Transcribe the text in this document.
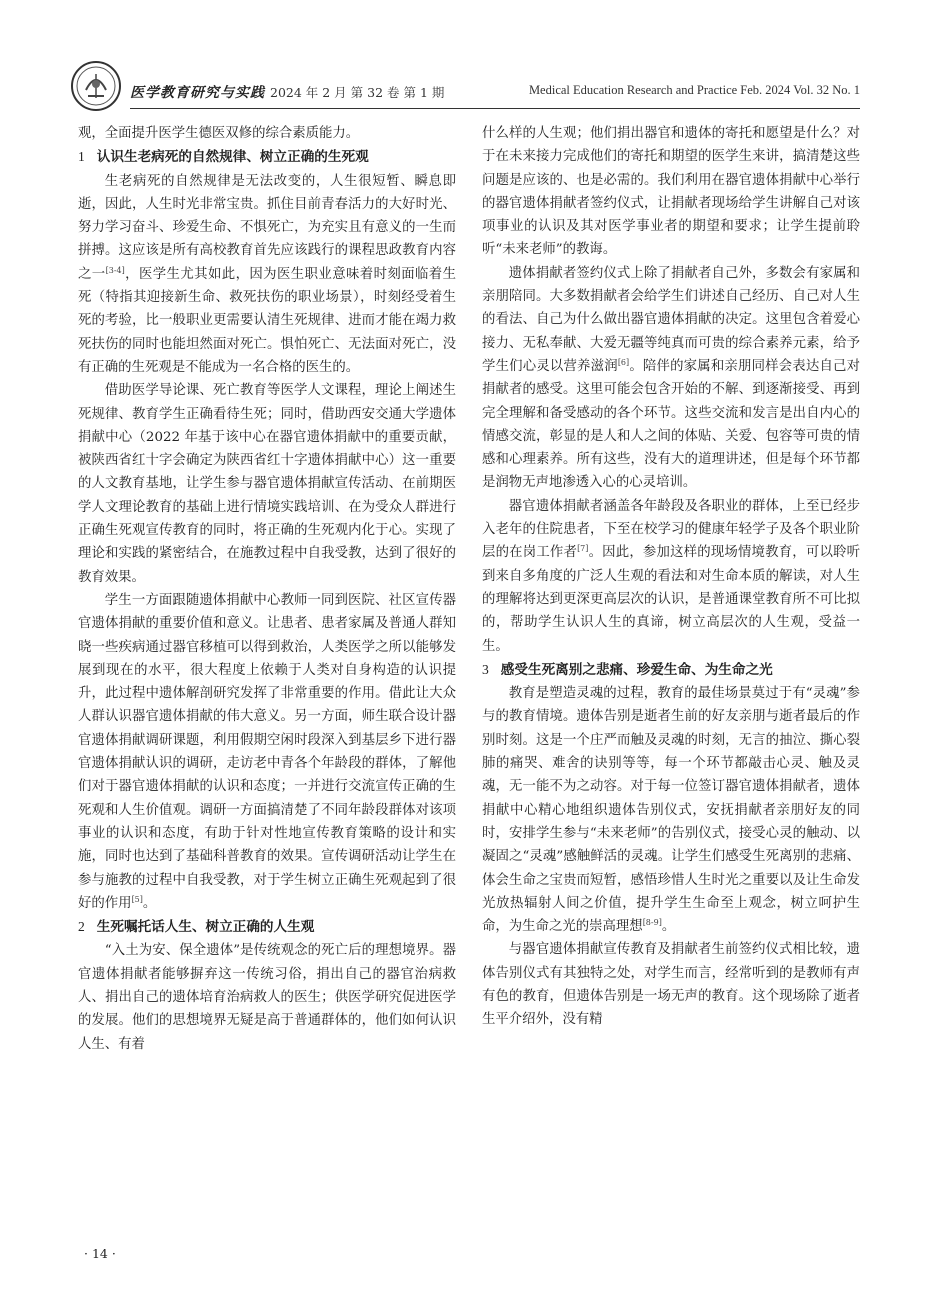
医学教育研究与实践 2024 年 2 月 第 32 卷 第 1 期	Medical Education Research and Practice Feb. 2024 Vol. 32 No. 1

观，全面提升医学生德医双修的综合素质能力。

1 认识生老病死的自然规律、树立正确的生死观

生老病死的自然规律是无法改变的，人生很短暂、瞬息即逝，因此，人生时光非常宝贵。抓住目前青春活力的大好时光、努力学习奋斗、珍爱生命、不惧死亡，为充实且有意义的一生而拼搏。这应该是所有高校教育首先应该践行的课程思政教育内容之一[3-4]，医学生尤其如此，因为医生职业意味着时刻面临着生死（特指其迎接新生命、救死扶伤的职业场景），时刻经受着生死的考验，比一般职业更需要认清生死规律、进而才能在竭力救死扶伤的同时也能坦然面对死亡。惧怕死亡、无法面对死亡，没有正确的生死观是不能成为一名合格的医生的。

借助医学导论课、死亡教育等医学人文课程，理论上阐述生死规律、教育学生正确看待生死；同时，借助西安交通大学遗体捐献中心（2022 年基于该中心在器官遗体捐献中的重要贡献，被陕西省红十字会确定为陕西省红十字遗体捐献中心）这一重要的人文教育基地，让学生参与器官遗体捐献宣传活动、在前期医学人文理论教育的基础上进行情境实践培训、在为受众人群进行正确生死观宣传教育的同时，将正确的生死观内化于心。实现了理论和实践的紧密结合，在施教过程中自我受教，达到了很好的教育效果。

学生一方面跟随遗体捐献中心教师一同到医院、社区宣传器官遗体捐献的重要价值和意义。让患者、患者家属及普通人群知晓一些疾病通过器官移植可以得到救治，人类医学之所以能够发展到现在的水平，很大程度上依赖于人类对自身构造的认识提升，此过程中遗体解剖研究发挥了非常重要的作用。借此让大众人群认识器官遗体捐献的伟大意义。另一方面，师生联合设计器官遗体捐献调研课题，利用假期空闲时段深入到基层乡下进行器官遗体捐献认识的调研，走访老中青各个年龄段的群体，了解他们对于器官遗体捐献的认识和态度；一并进行交流宣传正确的生死观和人生价值观。调研一方面搞清楚了不同年龄段群体对该项事业的认识和态度，有助于针对性地宣传教育策略的设计和实施，同时也达到了基础科普教育的效果。宣传调研活动让学生在参与施教的过程中自我受教，对于学生树立正确生死观起到了很好的作用[5]。

2 生死嘱托话人生、树立正确的人生观

“入土为安、保全遗体”是传统观念的死亡后的理想境界。器官遗体捐献者能够摒弃这一传统习俗，捐出自己的器官治病救人、捐出自己的遗体培育治病救人的医生；供医学研究促进医学的发展。他们的思想境界无疑是高于普通群体的，他们如何认识人生、有着

什么样的人生观；他们捐出器官和遗体的寄托和愿望是什么？对于在未来接力完成他们的寄托和期望的医学生来讲，搞清楚这些问题是应该的、也是必需的。我们利用在器官遗体捐献中心举行的器官遗体捐献者签约仪式，让捐献者现场给学生讲解自己对该项事业的认识及其对医学事业者的期望和要求；让学生提前聆听“未来老师”的教诲。

遗体捐献者签约仪式上除了捐献者自己外，多数会有家属和亲朋陪同。大多数捐献者会给学生们讲述自己经历、自己对人生的看法、自己为什么做出器官遗体捐献的决定。这里包含着爱心接力、无私奉献、大爱无疆等纯真而可贵的综合素养元素，给予学生们心灵以营养滋润[6]。陪伴的家属和亲朋同样会表达自己对捐献者的感受。这里可能会包含开始的不解、到逐渐接受、再到完全理解和备受感动的各个环节。这些交流和发言是出自内心的情感交流，彰显的是人和人之间的体贴、关爱、包容等可贵的情感和心理素养。所有这些，没有大的道理讲述，但是每个环节都是润物无声地渗透入心的心灵培训。

器官遗体捐献者涵盖各年龄段及各职业的群体，上至已经步入老年的住院患者，下至在校学习的健康年轻学子及各个职业阶层的在岗工作者[7]。因此，参加这样的现场情境教育，可以聆听到来自多角度的广泛人生观的看法和对生命本质的解读，对人生的理解将达到更深更高层次的认识，是普通课堂教育所不可比拟的，帮助学生认识人生的真谛，树立高层次的人生观，受益一生。

3 感受生死离别之悲痛、珍爱生命、为生命之光

教育是塑造灵魂的过程，教育的最佳场景莫过于有“灵魂”参与的教育情境。遗体告别是逝者生前的好友亲朋与逝者最后的作别时刻。这是一个庄严而触及灵魂的时刻，无言的抽泣、撕心裂肺的痛哭、难舍的诀别等等，每一个环节都敲击心灵、触及灵魂，无一能不为之动容。对于每一位签订器官遗体捐献者，遗体捐献中心精心地组织遗体告别仪式，安抚捐献者亲朋好友的同时，安排学生参与“未来老师”的告别仪式，接受心灵的触动、以凝固之“灵魂”感触鲜活的灵魂。让学生们感受生死离别的悲痛、体会生命之宝贵而短暂，感悟珍惜人生时光之重要以及让生命发光放热辐射人间之价值，提升学生生命至上观念，树立呵护生命，为生命之光的崇高理想[8-9]。

与器官遗体捐献宣传教育及捐献者生前签约仪式相比较，遗体告别仪式有其独特之处，对学生而言，经常听到的是教师有声有色的教育，但遗体告别是一场无声的教育。这个现场除了逝者生平介绍外，没有精

· 14 ·
